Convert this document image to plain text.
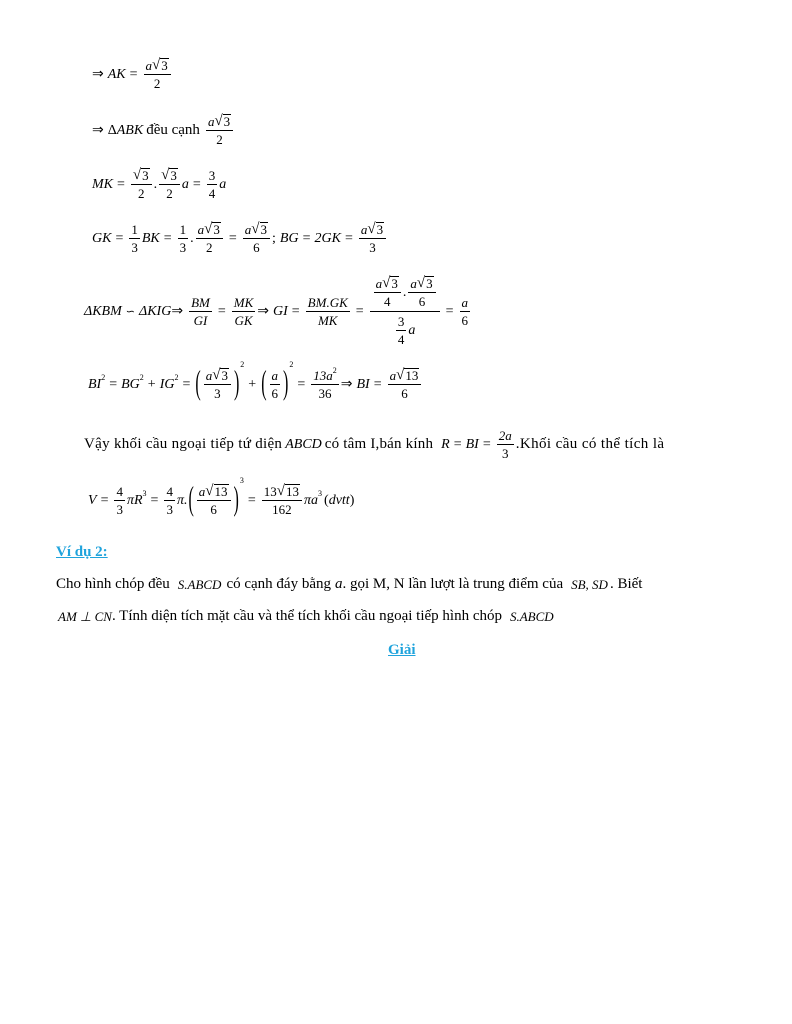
⇒ AK = $\frac{a √ 3}{2}$
⇒ Δ ABK đều cạnh $\frac{a √ 3}{2}$
MK = $\frac{√ 3}{2}$ . $\frac{√ 3}{2}$ $a = \frac{3}{4}$ a
GK = $\frac{1}{3}$ BK = $\frac{1}{3}$ . $\frac{a √ 3}{2} = \frac{a √ 3}{6}$ ; BG = $2GK = \frac{a √ 3}{3}$
ΔKBM ∽ ΔKIG ⇒ $\frac{BM}{GI} = \frac{MK}{GK}$ ⇒ GI = $\frac{BM.GK}{MK} = \frac{\frac{a √ 3}{4} . \frac{a √ 3}{6}}{\frac{3}{4} a} = \frac{a}{6}$
BI 2 = BG 2 + IG 2 = ( $\frac{a √ 3}{3}$ )
2
+ ( $\frac{a}{6}$ )
2
= $\frac{13a 2}{36}$ ⇒ BI = $\frac{a √ 13}{6}$
Vậy khối cầu ngoại tiếp tứ diện ABCD có tâm I,bán kính R = BI = $\frac{2a}{3}$ .Khối cầu có thể tích là
$V = \frac{4}{3}$ πR $3 = \frac{4}{3} \pi$. ( $\frac{a √ 13}{6}$ )
3
= $\frac{13 √ 13}{162}$ πa 3 ( dvtt )
Ví dụ 2:
Cho hình chóp đều S.ABCD có cạnh đáy bằng a . gọi M, N lần lượt là trung điểm của SB, SD . Biết
AM ⊥ CN . Tính diện tích mặt cầu và thể tích khối cầu ngoại tiếp hình chóp S.ABCD
Giải
